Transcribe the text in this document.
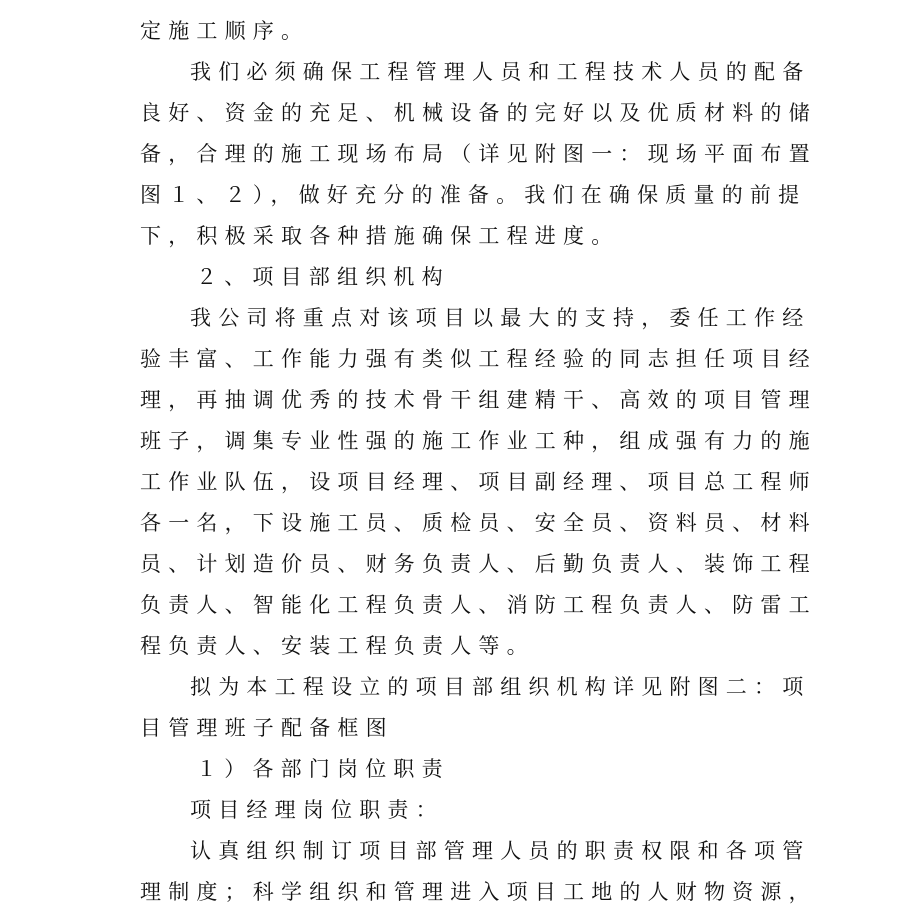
定施工顺序。
我们必须确保工程管理人员和工程技术人员的配备
良好、资金的充足、机械设备的完好以及优质材料的储
备，合理的施工现场布局（详见附图一：现场平面布置
图１、２），做好充分的准备。我们在确保质量的前提
下，积极采取各种措施确保工程进度。
２、项目部组织机构
我公司将重点对该项目以最大的支持，委任工作经
验丰富、工作能力强有类似工程经验的同志担任项目经
理，再抽调优秀的技术骨干组建精干、高效的项目管理
班子，调集专业性强的施工作业工种，组成强有力的施
工作业队伍，设项目经理、项目副经理、项目总工程师
各一名，下设施工员、质检员、安全员、资料员、材料
员、计划造价员、财务负责人、后勤负责人、装饰工程
负责人、智能化工程负责人、消防工程负责人、防雷工
程负责人、安装工程负责人等。
拟为本工程设立的项目部组织机构详见附图二：项
目管理班子配备框图
１）各部门岗位职责
项目经理岗位职责：
认真组织制订项目部管理人员的职责权限和各项管
理制度；科学组织和管理进入项目工地的人财物资源，
